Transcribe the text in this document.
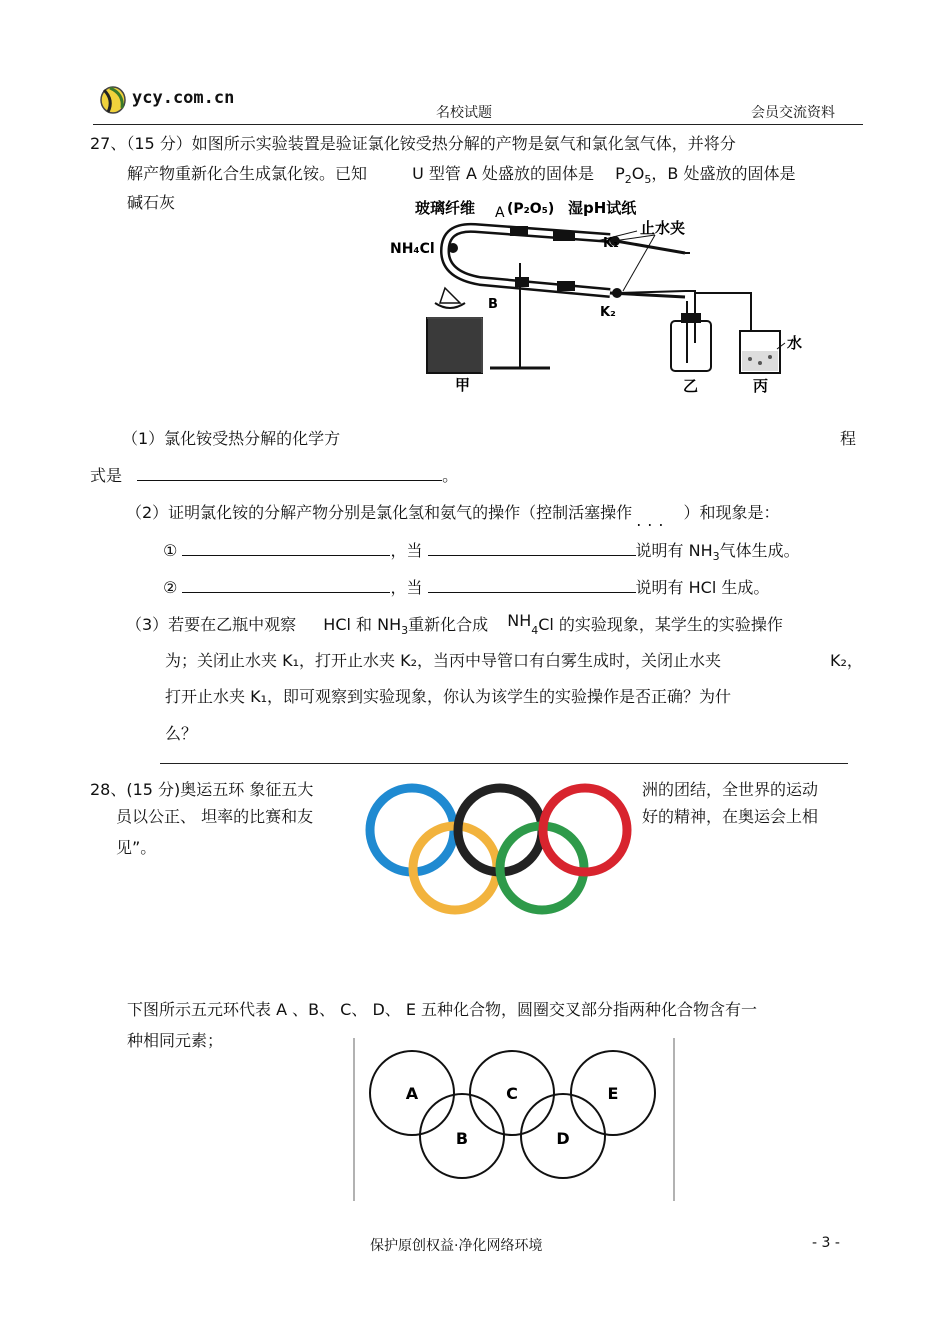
ycy.com.cn
名校试题	会员交流资料
27、（15 分）如图所示实验装置是验证氯化铵受热分解的产物是氨气和氯化氢气体，并将分
解产物重新化合生成氯化铵。已知	U 型管 A 处盛放的固体是 $P_2O_5$，B 处盛放的固体是
碱石灰	玻璃纤维 A (P₂O₅) 湿pH试纸
K₁
止水夹
NH₄Cl
B
K₂
水
甲	乙	丙
（1）氯化铵受热分解的化学方	程
式是	。
（2）证明氯化铵的分解产物分别是氯化氢和氨气的操作（控制活塞操作 ... ）和现象是：
①	，当	说明有 $NH_3$气体生成。
②	，当	说明有 HCl 生成。
（3）若要在乙瓶中观察 HCl 和 $NH_3$重新化合成 $NH_4Cl$ 的实验现象，某学生的实验操作
为；关闭止水夹 K₁，打开止水夹 K₂，当丙中导管口有白雾生成时，关闭止水夹	K₂，
打开止水夹 K₁，即可观察到实验现象，你认为该学生的实验操作是否正确？为什
么？
28、(15 分)奥运五环 象征五大	洲的团结，全世界的运动
员以公正、 坦率的比赛和友	好的精神，在奥运会上相
见”。
下图所示五元环代表 A 、B、 C、 D、 E 五种化合物，圆圈交叉部分指两种化合物含有一
种相同元素；
A
B
C
D
E
保护原创权益·净化网络环境	- 3 -
